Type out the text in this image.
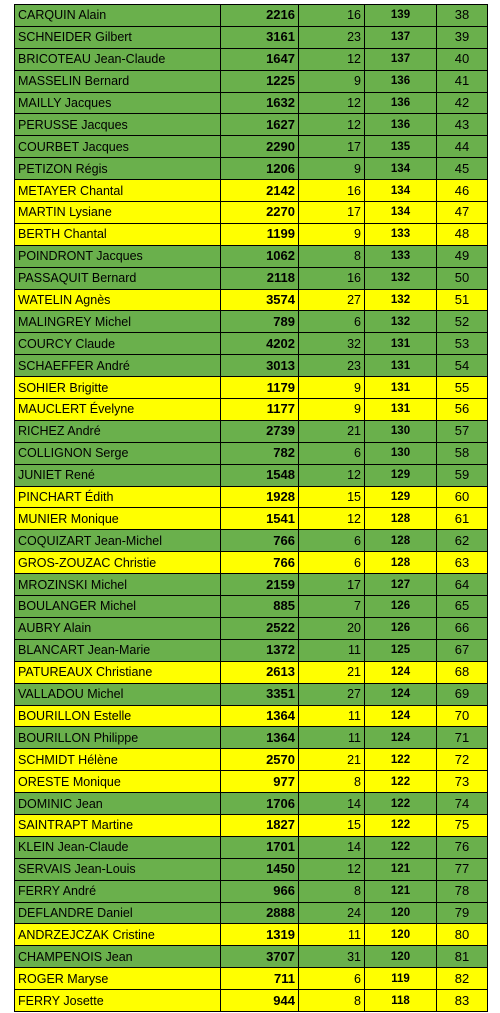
CARQUIN Alain	2216	16	139	38
SCHNEIDER Gilbert	3161	23	137	39
BRICOTEAU Jean-Claude	1647	12	137	40
MASSELIN Bernard	1225	9	136	41
MAILLY Jacques	1632	12	136	42
PERUSSE Jacques	1627	12	136	43
COURBET Jacques	2290	17	135	44
PETIZON Régis	1206	9	134	45
METAYER Chantal	2142	16	134	46
MARTIN Lysiane	2270	17	134	47
BERTH Chantal	1199	9	133	48
POINDRONT Jacques	1062	8	133	49
PASSAQUIT Bernard	2118	16	132	50
WATELIN Agnès	3574	27	132	51
MALINGREY Michel	789	6	132	52
COURCY Claude	4202	32	131	53
SCHAEFFER André	3013	23	131	54
SOHIER Brigitte	1179	9	131	55
MAUCLERT Évelyne	1177	9	131	56
RICHEZ André	2739	21	130	57
COLLIGNON Serge	782	6	130	58
JUNIET René	1548	12	129	59
PINCHART Édith	1928	15	129	60
MUNIER Monique	1541	12	128	61
COQUIZART Jean-Michel	766	6	128	62
GROS-ZOUZAC Christie	766	6	128	63
MROZINSKI Michel	2159	17	127	64
BOULANGER Michel	885	7	126	65
AUBRY Alain	2522	20	126	66
BLANCART Jean-Marie	1372	11	125	67
PATUREAUX Christiane	2613	21	124	68
VALLADOU Michel	3351	27	124	69
BOURILLON Estelle	1364	11	124	70
BOURILLON Philippe	1364	11	124	71
SCHMIDT Hélène	2570	21	122	72
ORESTE Monique	977	8	122	73
DOMINIC Jean	1706	14	122	74
SAINTRAPT Martine	1827	15	122	75
KLEIN Jean-Claude	1701	14	122	76
SERVAIS Jean-Louis	1450	12	121	77
FERRY André	966	8	121	78
DEFLANDRE Daniel	2888	24	120	79
ANDRZEJCZAK Cristine	1319	11	120	80
CHAMPENOIS Jean	3707	31	120	81
ROGER Maryse	711	6	119	82
FERRY Josette	944	8	118	83
